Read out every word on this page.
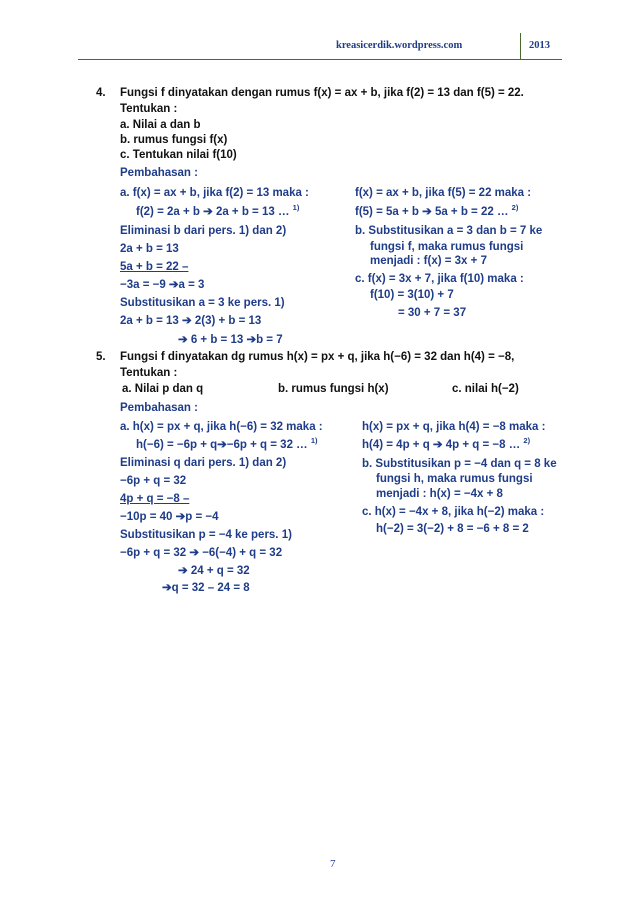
kreasicerdik.wordpress.com	2013
4. Fungsi f dinyatakan dengan rumus f(x) = ax + b, jika f(2) = 13 dan f(5) = 22.
Tentukan :
a. Nilai a dan b
b. rumus fungsi f(x)
c. Tentukan nilai f(10)
Pembahasan :
a. f(x) = ax + b, jika f(2) = 13 maka :
f(2) = 2a + b ➔ 2a + b = 13 … $^{1)}$
Eliminasi b dari pers. 1) dan 2)
2a + b = 13
5a + b = 22 –
−3a = −9 ➔a = 3
Substitusikan a = 3 ke pers. 1)
2a + b = 13 ➔ 2(3) + b = 13
➔ 6 + b = 13 ➔b = 7
f(x) = ax + b, jika f(5) = 22 maka :
f(5) = 5a + b ➔ 5a + b = 22 … $^{2)}$
b. Substitusikan a = 3 dan b = 7 ke
fungsi f, maka rumus fungsi
menjadi : f(x) = 3x + 7
c. f(x) = 3x + 7, jika f(10) maka :
f(10) = 3(10) + 7
= 30 + 7 = 37
5. Fungsi f dinyatakan dg rumus h(x) = px + q, jika h(−6) = 32 dan h(4) = −8,
Tentukan :
a. Nilai p dan q	b. rumus fungsi h(x)	c. nilai h(−2)
Pembahasan :
a. h(x) = px + q, jika h(−6) = 32 maka :
h(−6) = −6p + q➔−6p + q = 32 … $^{1)}$
Eliminasi q dari pers. 1) dan 2)
−6p + q = 32
4p + q = −8 –
−10p = 40 ➔p = −4
Substitusikan p = −4 ke pers. 1)
−6p + q = 32 ➔ −6(−4) + q = 32
➔ 24 + q = 32
➔q = 32 – 24 = 8
h(x) = px + q, jika h(4) = −8 maka :
h(4) = 4p + q ➔ 4p + q = −8 … $^{2)}$
b. Substitusikan p = −4 dan q = 8 ke
fungsi h, maka rumus fungsi
menjadi : h(x) = −4x + 8
c. h(x) = −4x + 8, jika h(−2) maka :
h(−2) = 3(−2) + 8 = −6 + 8 = 2
7
